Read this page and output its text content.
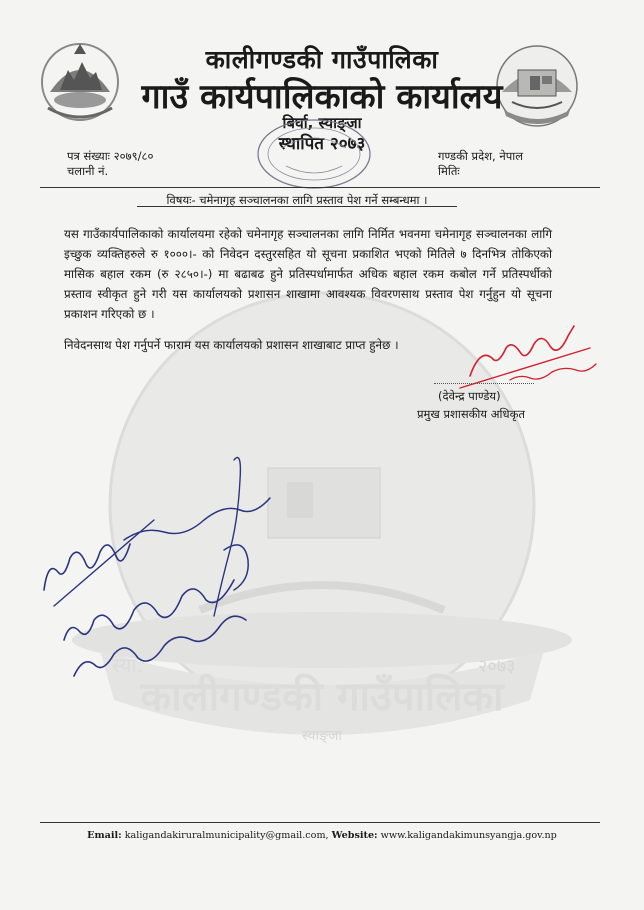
कालीगण्डकी गाउँपालिका
स्याङ्जा
स्या.	२०७३
कालीगण्डकी गाउँपालिका
गाउँ कार्यपालिकाको कार्यालय
बिर्घा, स्याङ्जा
स्थापित २०७३
पत्र संख्याः २०७९/८०
चलानी नं.
गण्डकी प्रदेश, नेपाल
मितिः
विषयः- चमेनागृह सञ्चालनका लागि प्रस्ताव पेश गर्ने सम्बन्धमा ।
यस गाउँकार्यपालिकाको कार्यालयमा रहेको चमेनागृह सञ्चालनका लागि निर्मित भवनमा चमेनागृह सञ्चालनका लागि इच्छुक व्यक्तिहरुले रु १०००।- को निवेदन दस्तुरसहित यो सूचना प्रकाशित भएको मितिले ७ दिनभित्र तोकिएको मासिक बहाल रकम (रु २८५०।-) मा बढाबढ हुने प्रतिस्पर्धामार्फत अधिक बहाल रकम कबोल गर्ने प्रतिस्पर्धीको प्रस्ताव स्वीकृत हुने गरी यस कार्यालयको प्रशासन शाखामा आवश्यक विवरणसाथ प्रस्ताव पेश गर्नुहुन यो सूचना प्रकाशन गरिएको छ ।
निवेदनसाथ पेश गर्नुपर्ने फाराम यस कार्यालयको प्रशासन शाखाबाट प्राप्त हुनेछ ।
(देवेन्द्र पाण्डेय)
प्रमुख प्रशासकीय अधिकृत
Email: kaligandakiruralmunicipality@gmail.com, Website: www.kaligandakimunsyangja.gov.np
